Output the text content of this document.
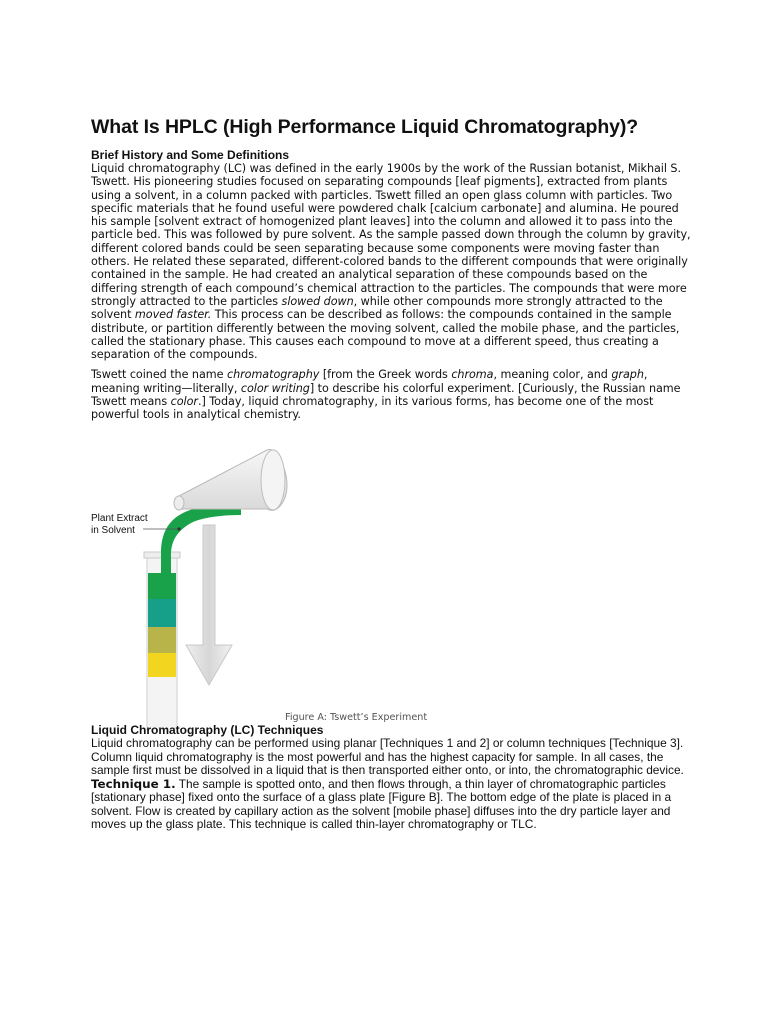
What Is HPLC (High Performance Liquid Chromatography)?
Brief History and Some Definitions

Liquid chromatography (LC) was defined in the early 1900s by the work of the Russian botanist, Mikhail S. Tswett. His pioneering studies focused on separating compounds [leaf pigments], extracted from plants using a solvent, in a column packed with particles. Tswett filled an open glass column with particles. Two specific materials that he found useful were powdered chalk [calcium carbonate] and alumina. He poured his sample [solvent extract of homogenized plant leaves] into the column and allowed it to pass into the particle bed. This was followed by pure solvent. As the sample passed down through the column by gravity, different colored bands could be seen separating because some components were moving faster than others. He related these separated, different-colored bands to the different compounds that were originally contained in the sample. He had created an analytical separation of these compounds based on the differing strength of each compound’s chemical attraction to the particles. The compounds that were more strongly attracted to the particles slowed down, while other compounds more strongly attracted to the solvent moved faster. This process can be described as follows: the compounds contained in the sample distribute, or partition differently between the moving solvent, called the mobile phase, and the particles, called the stationary phase. This causes each compound to move at a different speed, thus creating a separation of the compounds.

Tswett coined the name chromatography [from the Greek words chroma, meaning color, and graph, meaning writing—literally, color writing] to describe his colorful experiment. [Curiously, the Russian name Tswett means color.] Today, liquid chromatography, in its various forms, has become one of the most powerful tools in analytical chemistry.

Plant Extract in Solvent
Figure A: Tswett’s Experiment
Liquid Chromatography (LC) Techniques

Liquid chromatography can be performed using planar [Techniques 1 and 2] or column techniques [Technique 3]. Column liquid chromatography is the most powerful and has the highest capacity for sample. In all cases, the sample first must be dissolved in a liquid that is then transported either onto, or into, the chromatographic device.

Technique 1. The sample is spotted onto, and then flows through, a thin layer of chromatographic particles [stationary phase] fixed onto the surface of a glass plate [Figure B]. The bottom edge of the plate is placed in a solvent. Flow is created by capillary action as the solvent [mobile phase] diffuses into the dry particle layer and moves up the glass plate. This technique is called thin-layer chromatography or TLC.
